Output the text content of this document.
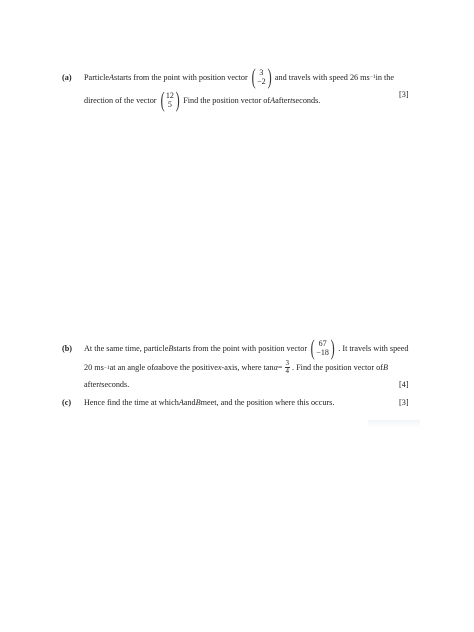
(a)	Particle A starts from the point with position vector ( 3
−2 ) and travels with speed 26 ms −1 in the
direction of the vector ( 12
5 ) Find the position vector of A after t seconds.
[3]
(b)	At the same time, particle B starts from the point with position vector ( 67
−18 ) . It travels with speed
20 ms −1 at an angle of α above the positive x -axis, where $\tan \alpha = \frac{3}{4}$ . Find the position vector of B
after t seconds.	[4]
(c)	Hence find the time at which A and B meet, and the position where this occurs.	[3]
